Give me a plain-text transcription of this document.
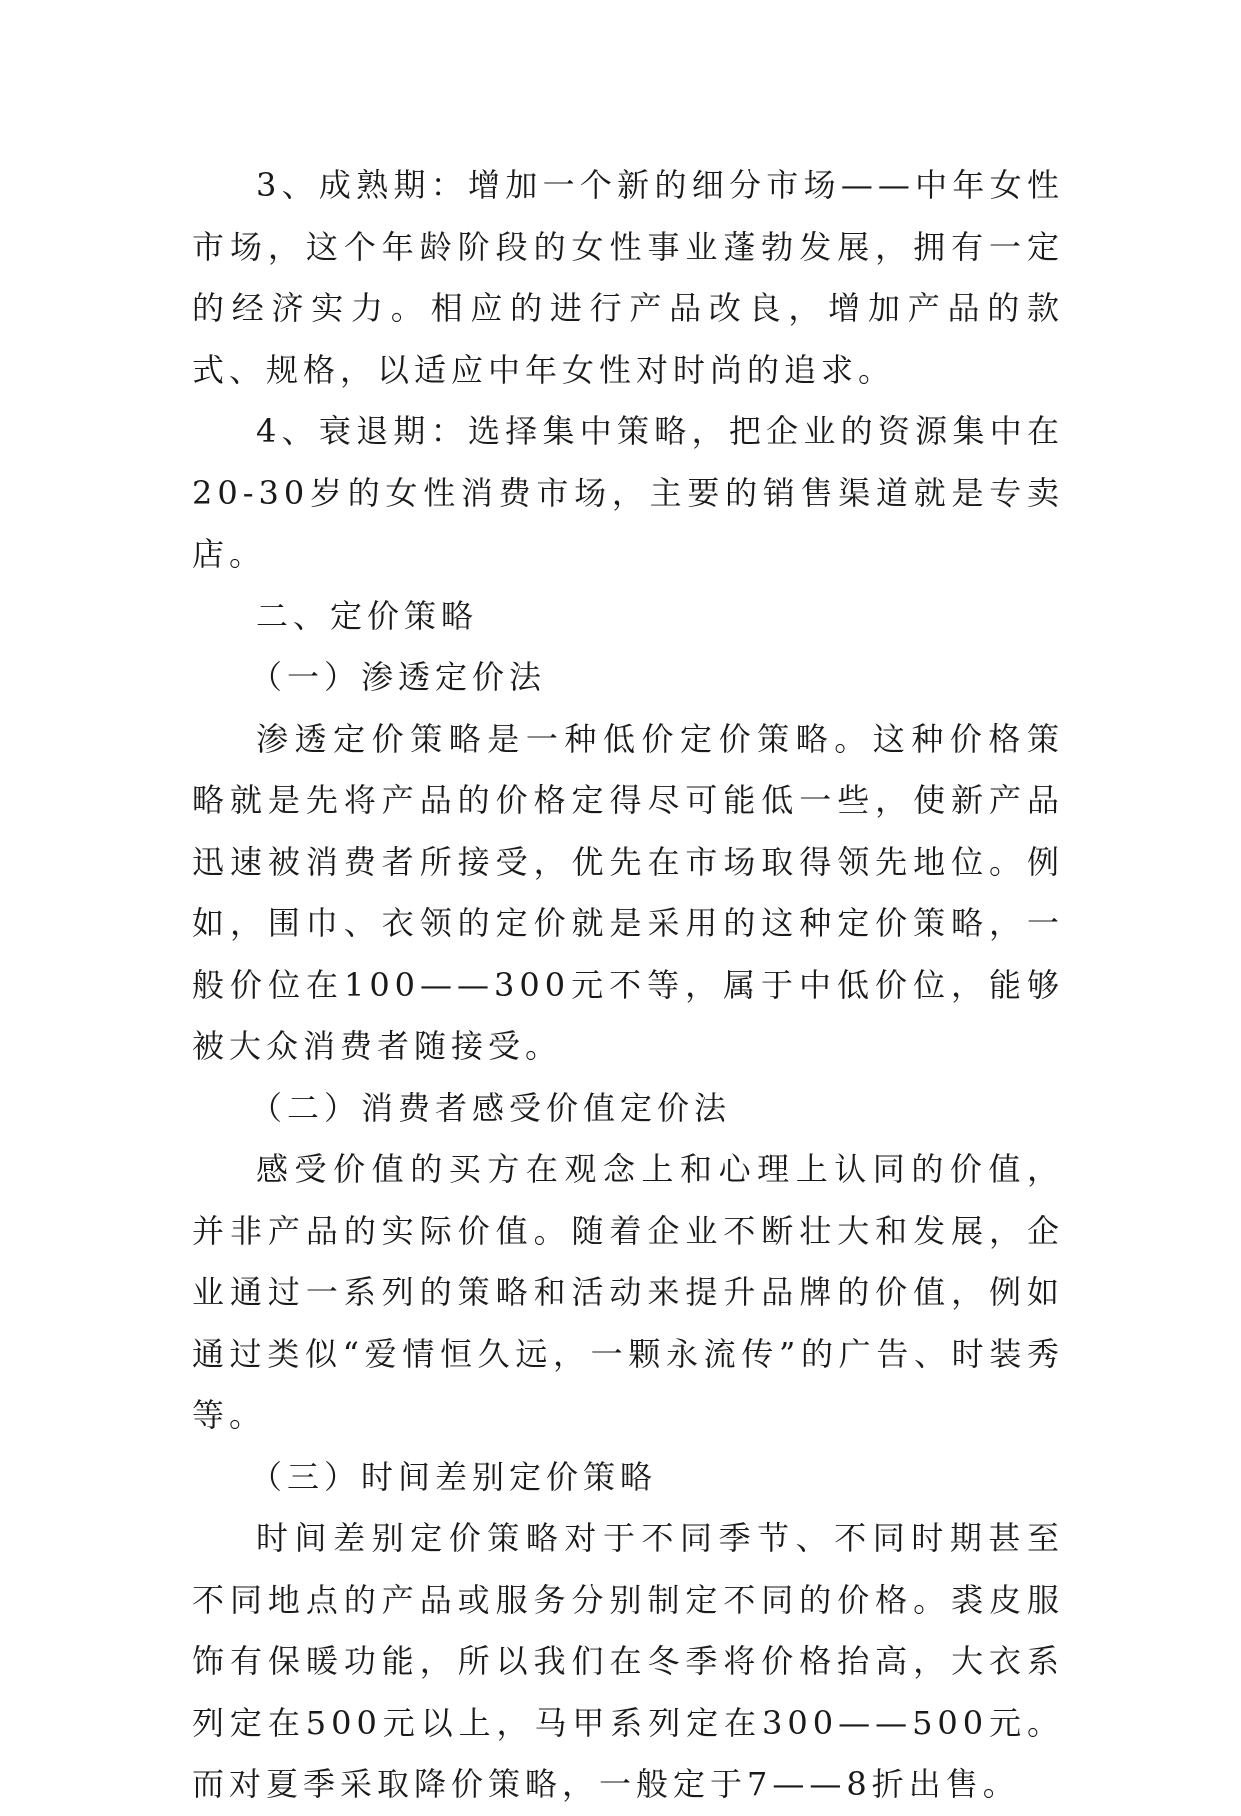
3、成熟期：增加一个新的细分市场——中年女性市场，这个年龄阶段的女性事业蓬勃发展，拥有一定的经济实力。相应的进行产品改良，增加产品的款式、规格，以适应中年女性对时尚的追求。

4、衰退期：选择集中策略，把企业的资源集中在20-30岁的女性消费市场，主要的销售渠道就是专卖店。

二、定价策略

（一）渗透定价法

渗透定价策略是一种低价定价策略。这种价格策略就是先将产品的价格定得尽可能低一些，使新产品迅速被消费者所接受，优先在市场取得领先地位。例如，围巾、衣领的定价就是采用的这种定价策略，一般价位在100——300元不等，属于中低价位，能够被大众消费者随接受。

（二）消费者感受价值定价法

感受价值的买方在观念上和心理上认同的价值，并非产品的实际价值。随着企业不断壮大和发展，企业通过一系列的策略和活动来提升品牌的价值，例如通过类似“爱情恒久远，一颗永流传”的广告、时装秀等。

（三）时间差别定价策略

时间差别定价策略对于不同季节、不同时期甚至不同地点的产品或服务分别制定不同的价格。裘皮服饰有保暖功能，所以我们在冬季将价格抬高，大衣系列定在500元以上，马甲系列定在300——500元。而对夏季采取降价策略，一般定于7——8折出售。
